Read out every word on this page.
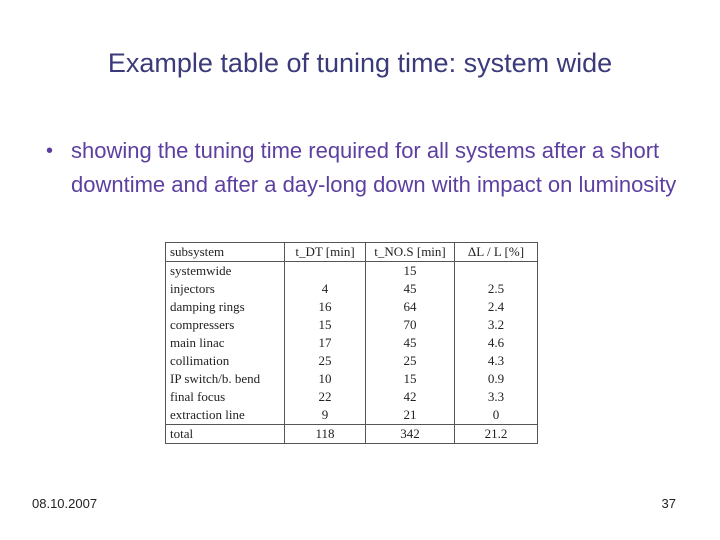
Example table of tuning time: system wide
• showing the tuning time required for all systems after a short downtime and after a day-long down with impact on luminosity
subsystem	t_DT [min]	t_NO.S [min]	ΔL / L [%]
systemwide		15	
injectors	4	45	2.5
damping rings	16	64	2.4
compressers	15	70	3.2
main linac	17	45	4.6
collimation	25	25	4.3
IP switch/b. bend	10	15	0.9
final focus	22	42	3.3
extraction line	9	21	0
total	118	342	21.2
08.10.2007	37
